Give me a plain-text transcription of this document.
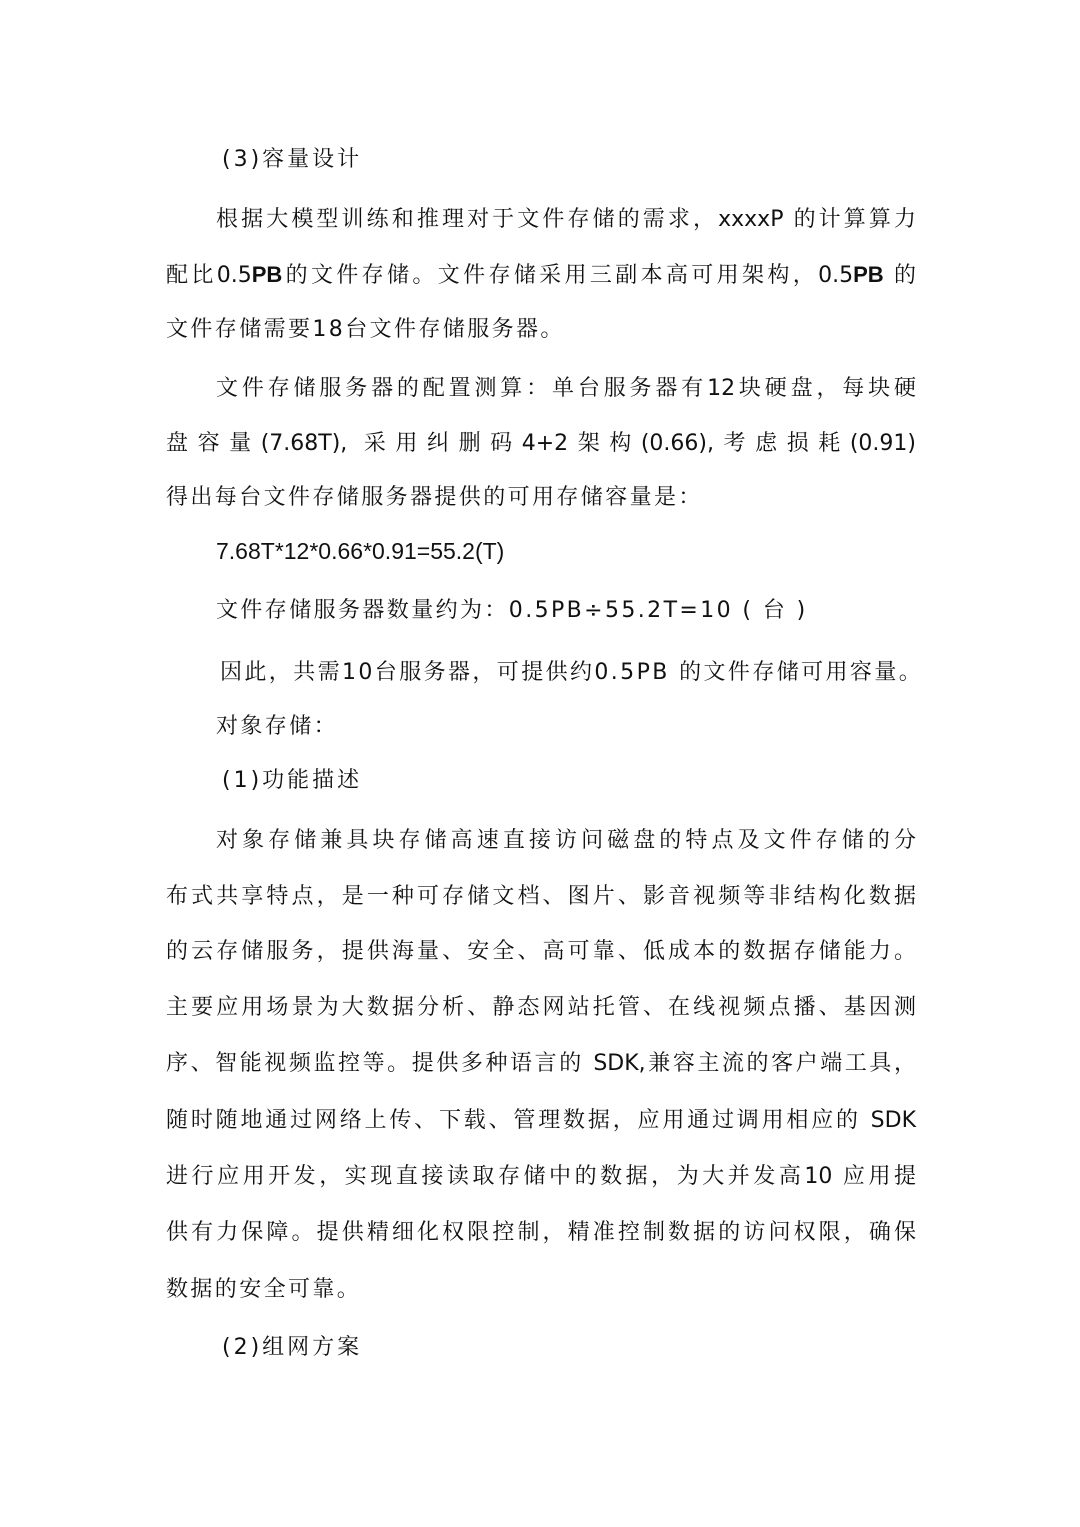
(3)容量设计
根据大模型训练和推理对于文件存储的需求，xxxxP 的计算算力
配比0.5PB的文件存储。文件存储采用三副本高可用架构，0.5PB 的
文件存储需要18台文件存储服务器。
文件存储服务器的配置测算：单台服务器有12块硬盘，每块硬
盘容量(7.68T), 采用纠删码4+2架构(0.66),考虑损耗(0.91)
得出每台文件存储服务器提供的可用存储容量是：
7.68T*12*0.66*0.91=55.2(T)
文件存储服务器数量约为：0.5PB÷55.2T=10 ( 台 )
因此，共需10台服务器，可提供约0.5PB 的文件存储可用容量。
对象存储：
(1)功能描述
对象存储兼具块存储高速直接访问磁盘的特点及文件存储的分
布式共享特点，是一种可存储文档、图片、影音视频等非结构化数据
的云存储服务，提供海量、安全、高可靠、低成本的数据存储能力。
主要应用场景为大数据分析、静态网站托管、在线视频点播、基因测
序、智能视频监控等。提供多种语言的 SDK,兼容主流的客户端工具，
随时随地通过网络上传、下载、管理数据，应用通过调用相应的 SDK
进行应用开发，实现直接读取存储中的数据，为大并发高10 应用提
供有力保障。提供精细化权限控制，精准控制数据的访问权限，确保
数据的安全可靠。
(2)组网方案
